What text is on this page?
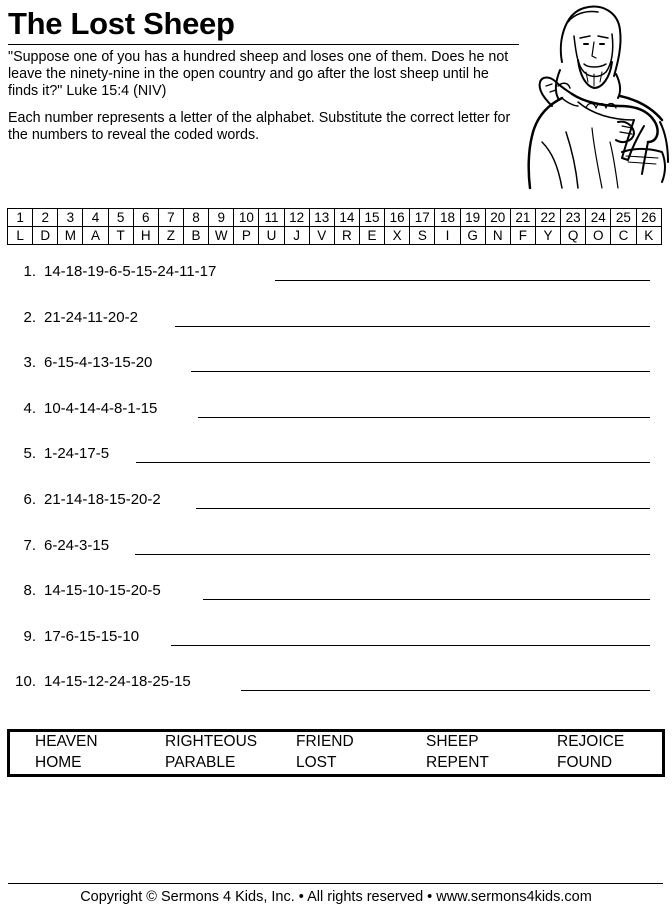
The Lost Sheep
"Suppose one of you has a hundred sheep and loses one of them. Does he not leave the ninety-nine in the open country and go after the lost sheep until he finds it?" Luke 15:4 (NIV)
Each number represents a letter of the alphabet. Substitute the correct letter for the numbers to reveal the coded words.
1	2	3	4	5	6	7	8	9	10	11	12	13	14	15	16	17	18	19	20	21	22	23	24	25	26
L	D	M	A	T	H	Z	B	W	P	U	J	V	R	E	X	S	I	G	N	F	Y	Q	O	C	K
1. 14-18-19-6-5-15-24-11-17
2. 21-24-11-20-2
3. 6-15-4-13-15-20
4. 10-4-14-4-8-1-15
5. 1-24-17-5
6. 21-14-18-15-20-2
7. 6-24-3-15
8. 14-15-10-15-20-5
9. 17-6-15-15-10
10. 14-15-12-24-18-25-15
HEAVEN	RIGHTEOUS	FRIEND	SHEEP	REJOICE
HOME	PARABLE	LOST	REPENT	FOUND
Copyright © Sermons 4 Kids, Inc. • All rights reserved • www.sermons4kids.com
